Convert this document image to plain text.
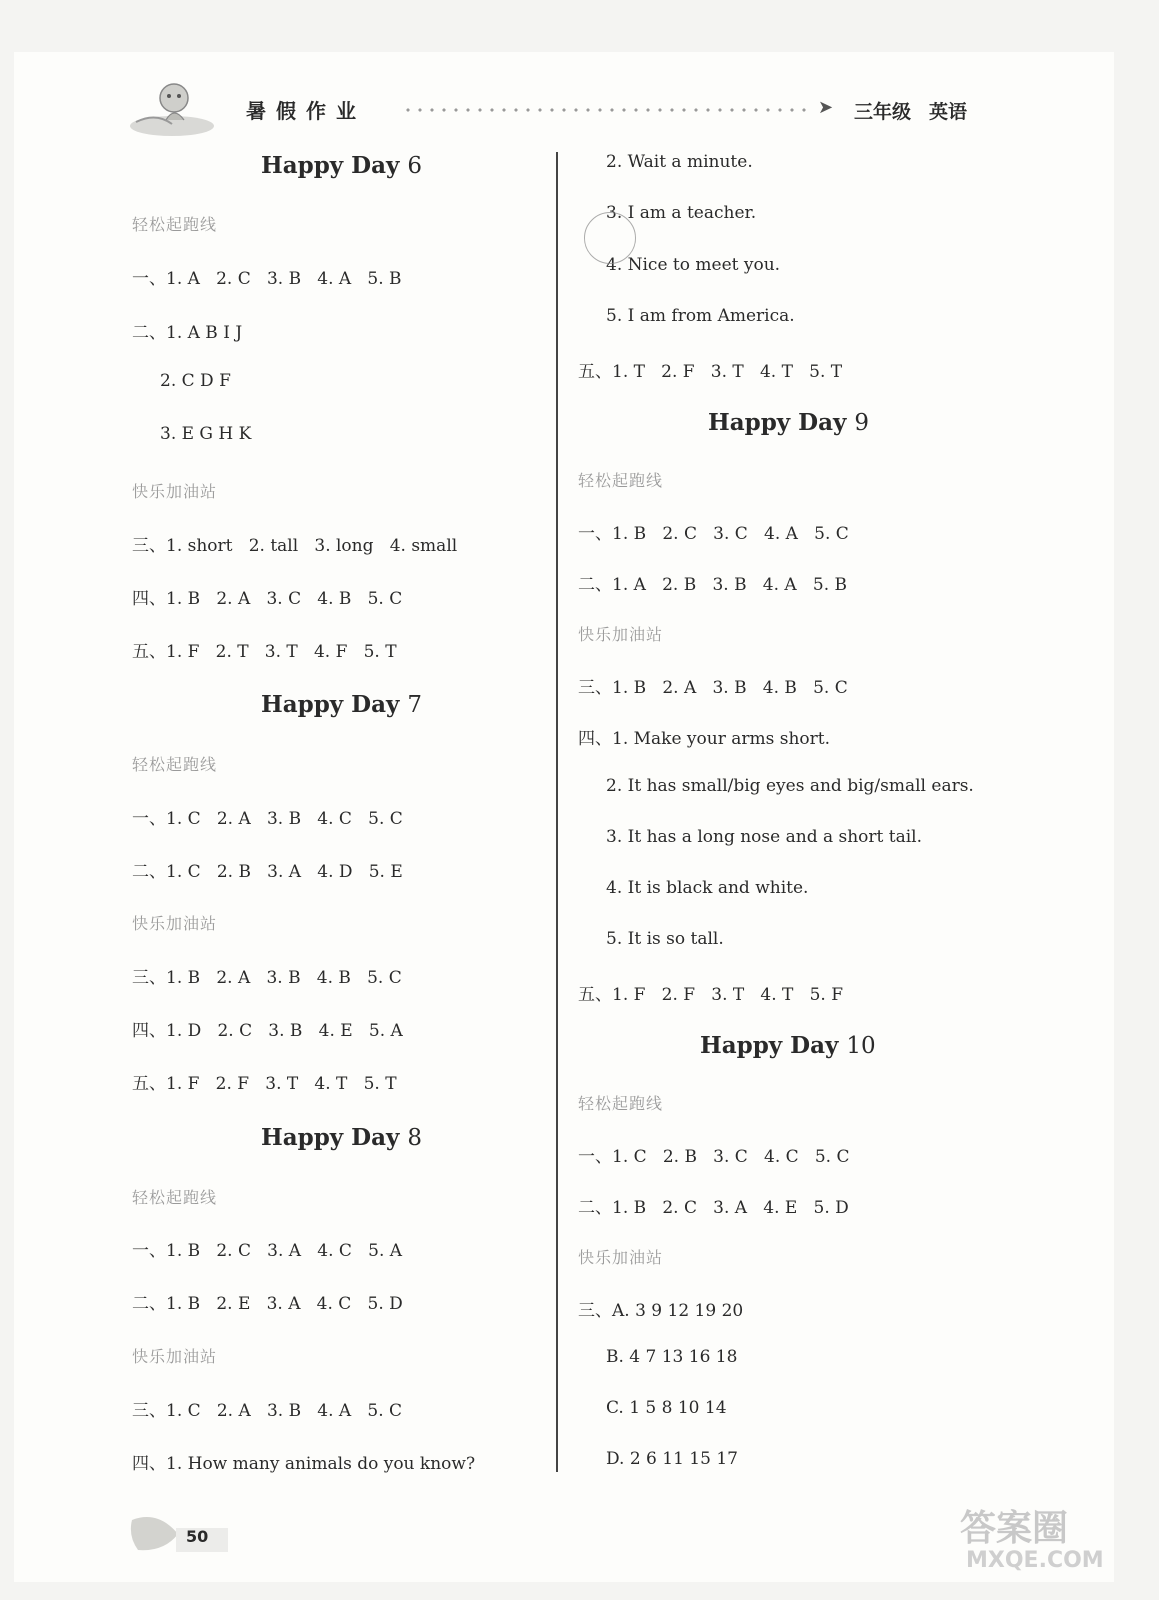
暑假作业	➤ 三年级 英语
Happy Day 6
轻松起跑线
一、1. A   2. C   3. B   4. A   5. B
二、1. A B I J
2. C D F
3. E G H K
快乐加油站
三、1. short   2. tall   3. long   4. small
四、1. B   2. A   3. C   4. B   5. C
五、1. F   2. T   3. T   4. F   5. T
Happy Day 7
轻松起跑线
一、1. C   2. A   3. B   4. C   5. C
二、1. C   2. B   3. A   4. D   5. E
快乐加油站
三、1. B   2. A   3. B   4. B   5. C
四、1. D   2. C   3. B   4. E   5. A
五、1. F   2. F   3. T   4. T   5. T
Happy Day 8
轻松起跑线
一、1. B   2. C   3. A   4. C   5. A
二、1. B   2. E   3. A   4. C   5. D
快乐加油站
三、1. C   2. A   3. B   4. A   5. C
四、1. How many animals do you know?
2. Wait a minute.
3. I am a teacher.
4. Nice to meet you.
5. I am from America.
五、1. T   2. F   3. T   4. T   5. T
Happy Day 9
轻松起跑线
一、1. B   2. C   3. C   4. A   5. C
二、1. A   2. B   3. B   4. A   5. B
快乐加油站
三、1. B   2. A   3. B   4. B   5. C
四、1. Make your arms short.
2. It has small/big eyes and big/small ears.
3. It has a long nose and a short tail.
4. It is black and white.
5. It is so tall.
五、1. F   2. F   3. T   4. T   5. F
Happy Day 10
轻松起跑线
一、1. C   2. B   3. C   4. C   5. C
二、1. B   2. C   3. A   4. E   5. D
快乐加油站
三、A. 3 9 12 19 20
B. 4 7 13 16 18
C. 1 5 8 10 14
D. 2 6 11 15 17
50	答案圈
MXQE.COM
